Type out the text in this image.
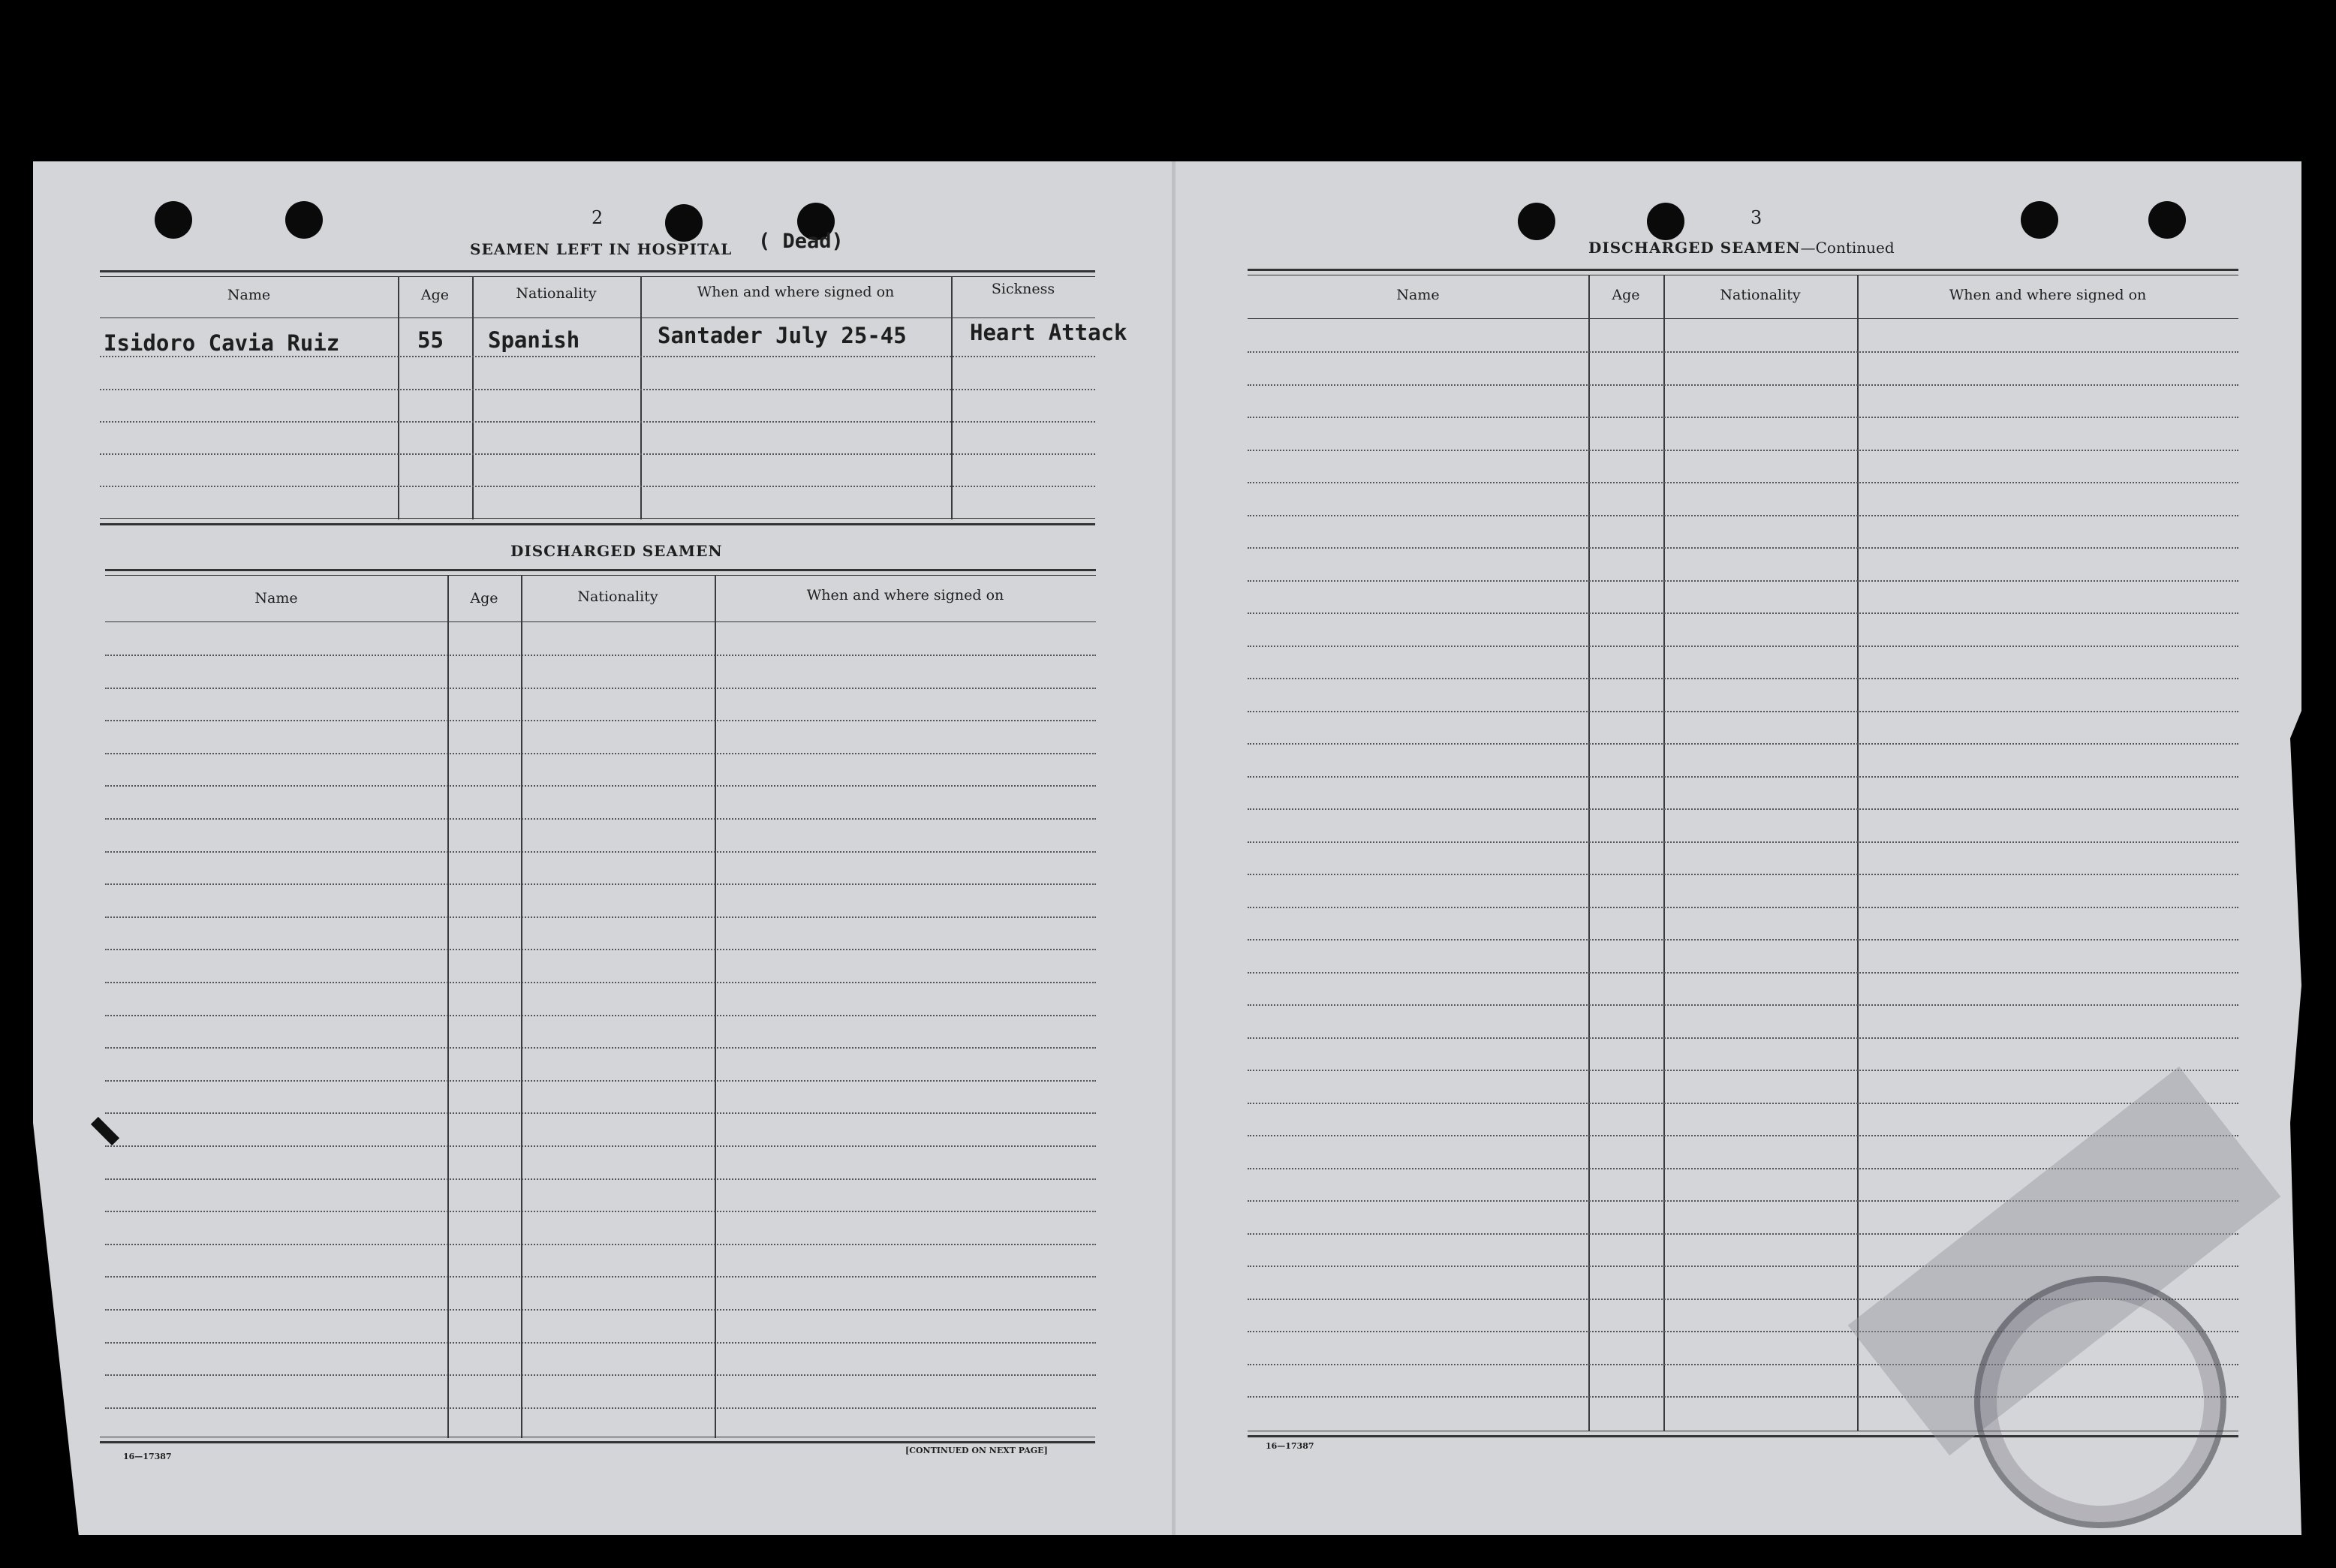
2
SEAMEN LEFT IN HOSPITAL ( Dead)
Name	Age	Nationality	When and where signed on	Sickness
Isidoro Cavia Ruiz	55 Spanish	Santader July 25-45	Heart Attack
DISCHARGED SEAMEN
Name	Age	Nationality	When and where signed on
16—17387
[CONTINUED ON NEXT PAGE]
3
DISCHARGED SEAMEN—Continued
Name	Age	Nationality	When and where signed on
16—17387
